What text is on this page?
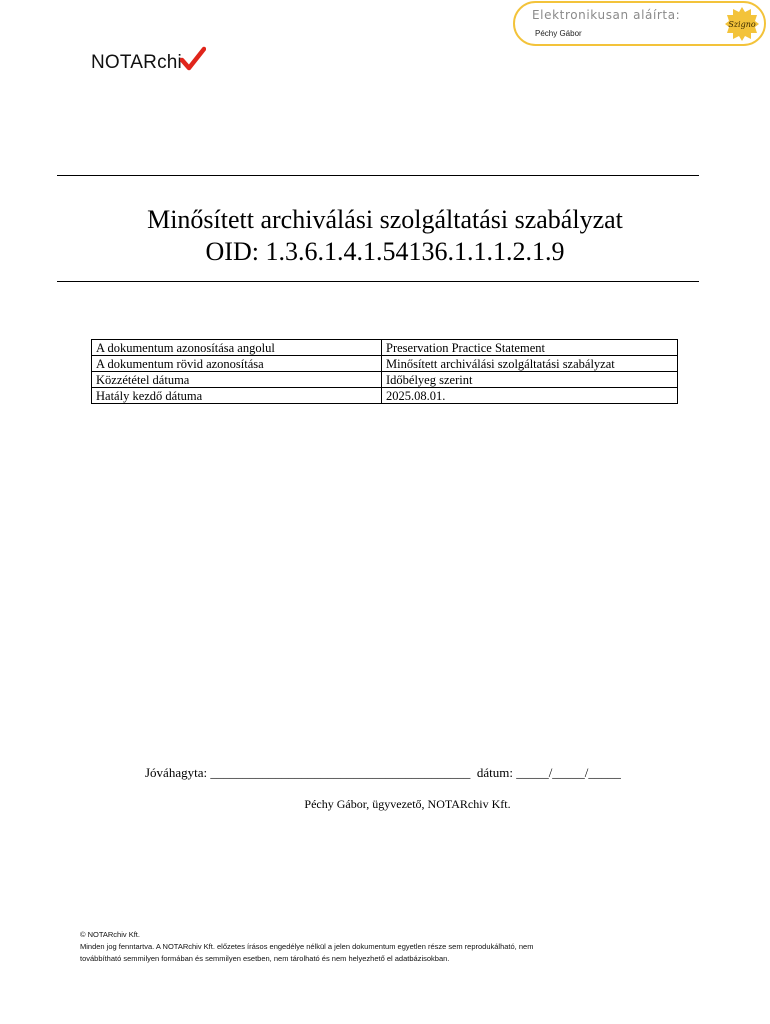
Elektronikusan aláírta:
Péchy Gábor
Szigno
NOTARchi
Minősített archiválási szolgáltatási szabályzat
OID: 1.3.6.1.4.1.54136.1.1.1.2.1.9
A dokumentum azonosítása angolul	Preservation Practice Statement
A dokumentum rövid azonosítása	Minősített archiválási szolgáltatási szabályzat
Közzététel dátuma	Időbélyeg szerint
Hatály kezdő dátuma	2025.08.01.
Jóváhagyta: ________________________________________  dátum: _____/_____/_____
Péchy Gábor, ügyvezető, NOTARchiv Kft.
© NOTARchiv Kft.
Minden jog fenntartva. A NOTARchiv Kft. előzetes írásos engedélye nélkül a jelen dokumentum egyetlen része sem reprodukálható, nem
továbbítható semmilyen formában és semmilyen esetben, nem tárolható és nem helyezhető el adatbázisokban.
